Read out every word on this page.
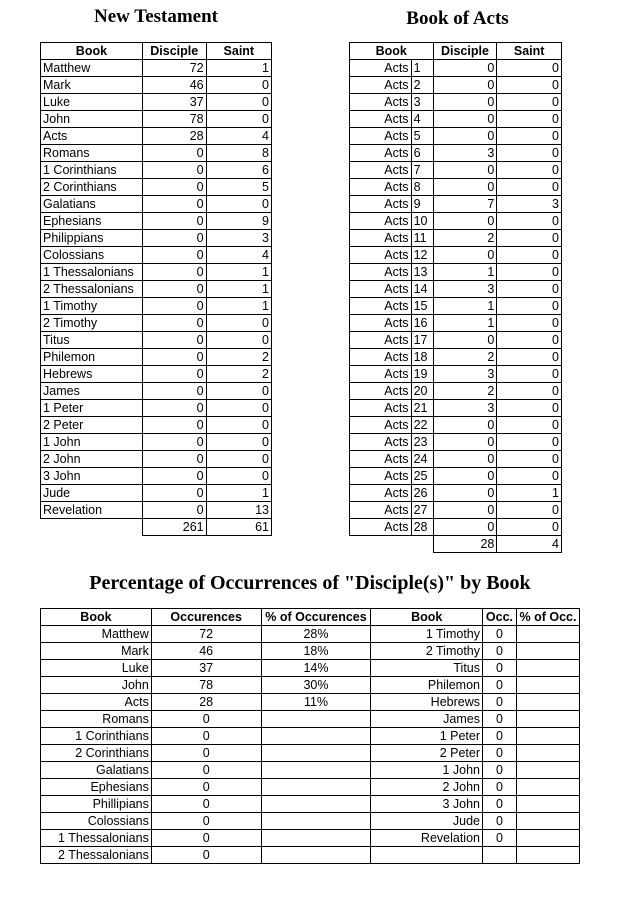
New Testament	Book of Acts
Book	Disciple	Saint
Matthew	72	1
Mark	46	0
Luke	37	0
John	78	0
Acts	28	4
Romans	0	8
1 Corinthians	0	6
2 Corinthians	0	5
Galatians	0	0
Ephesians	0	9
Philippians	0	3
Colossians	0	4
1 Thessalonians	0	1
2 Thessalonians	0	1
1 Timothy	0	1
2 Timothy	0	0
Titus	0	0
Philemon	0	2
Hebrews	0	2
James	0	0
1 Peter	0	0
2 Peter	0	0
1 John	0	0
2 John	0	0
3 John	0	0
Jude	0	1
Revelation	0	13
	261	61
Book		Disciple	Saint
Acts	1	0	0
Acts	2	0	0
Acts	3	0	0
Acts	4	0	0
Acts	5	0	0
Acts	6	3	0
Acts	7	0	0
Acts	8	0	0
Acts	9	7	3
Acts	10	0	0
Acts	11	2	0
Acts	12	0	0
Acts	13	1	0
Acts	14	3	0
Acts	15	1	0
Acts	16	1	0
Acts	17	0	0
Acts	18	2	0
Acts	19	3	0
Acts	20	2	0
Acts	21	3	0
Acts	22	0	0
Acts	23	0	0
Acts	24	0	0
Acts	25	0	0
Acts	26	0	1
Acts	27	0	0
Acts	28	0	0
		28	4
Percentage of Occurrences of "Disciple(s)" by Book
Book	Occurences	% of Occurences	Book	Occ.	% of Occ.
Matthew	72	28%	1 Timothy	0	
Mark	46	18%	2 Timothy	0	
Luke	37	14%	Titus	0	
John	78	30%	Philemon	0	
Acts	28	11%	Hebrews	0	
Romans	0		James	0	
1 Corinthians	0		1 Peter	0	
2 Corinthians	0		2 Peter	0	
Galatians	0		1 John	0	
Ephesians	0		2 John	0	
Phillipians	0		3 John	0	
Colossians	0		Jude	0	
1 Thessalonians	0		Revelation	0	
2 Thessalonians	0				
